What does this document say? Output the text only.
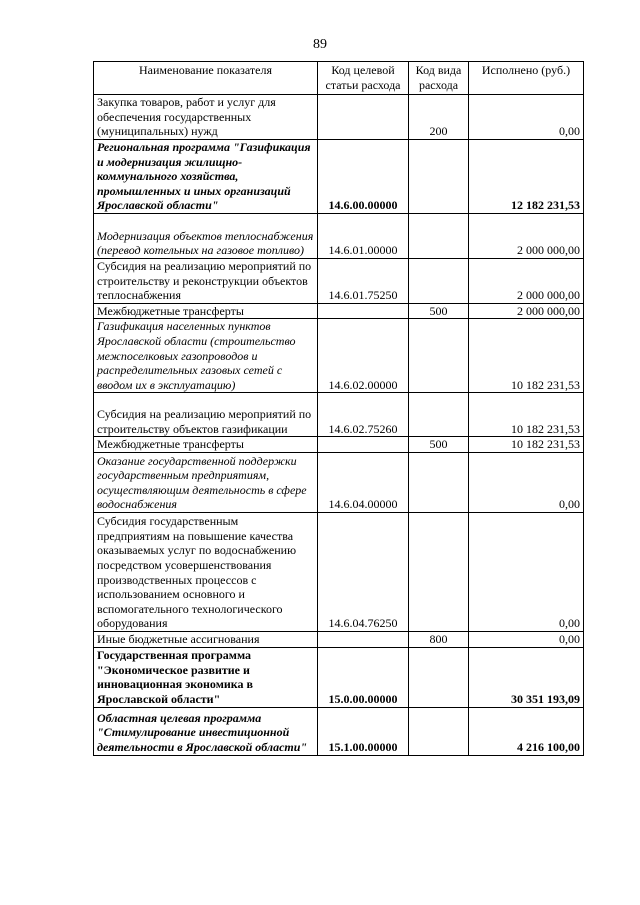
89
Наименование показателя	Код целевой статьи расхода	Код вида расхода	Исполнено (руб.)
Закупка товаров, работ и услуг для обеспечения государственных (муниципальных) нужд		200	0,00
Региональная программа "Газификация и модернизация жилищно-коммунального хозяйства, промышленных и иных организаций Ярославской области"	14.6.00.00000		12 182 231,53
Модернизация объектов теплоснабжения (перевод котельных на газовое топливо)	14.6.01.00000		2 000 000,00
Субсидия на реализацию мероприятий по строительству и реконструкции объектов теплоснабжения	14.6.01.75250		2 000 000,00
Межбюджетные трансферты		500	2 000 000,00
Газификация населенных пунктов Ярославской области (строительство межпоселковых газопроводов и распределительных газовых сетей с вводом их в эксплуатацию)	14.6.02.00000		10 182 231,53
Субсидия на реализацию мероприятий по строительству объектов газификации	14.6.02.75260		10 182 231,53
Межбюджетные трансферты		500	10 182 231,53
Оказание государственной поддержки государственным предприятиям, осуществляющим деятельность в сфере водоснабжения	14.6.04.00000		0,00
Субсидия государственным предприятиям на повышение качества оказываемых услуг по водоснабжению посредством усовершенствования производственных процессов с использованием основного и вспомогательного технологического оборудования	14.6.04.76250		0,00
Иные бюджетные ассигнования		800	0,00
Государственная программа "Экономическое развитие и инновационная экономика в Ярославской области"	15.0.00.00000		30 351 193,09
Областная целевая программа "Стимулирование инвестиционной деятельности в Ярославской области"	15.1.00.00000		4 216 100,00
